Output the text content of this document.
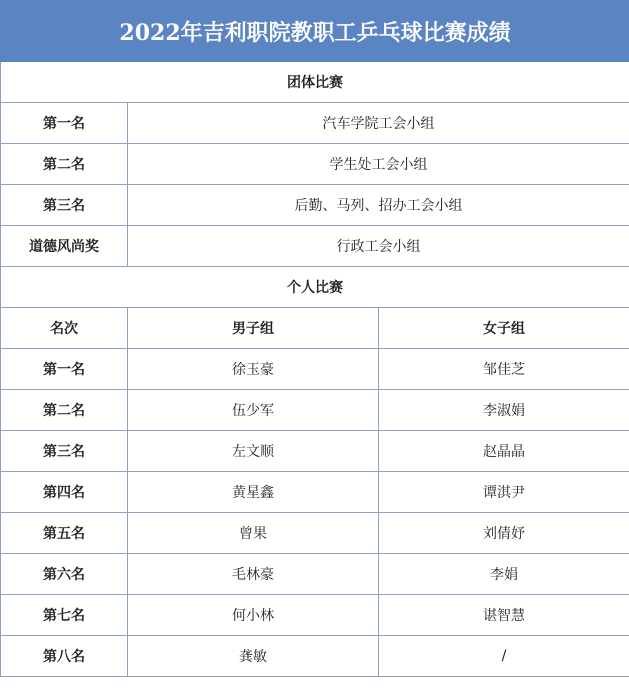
2022年吉利职院教职工乒乓球比赛成绩		
团体比赛		
第一名	汽车学院工会小组	
第二名	学生处工会小组	
第三名	后勤、马列、招办工会小组	
道德风尚奖	行政工会小组	
个人比赛		
名次	男子组	女子组
第一名	徐玉豪	邹佳芝
第二名	伍少军	李淑娟
第三名	左文顺	赵晶晶
第四名	黄星鑫	谭淇尹
第五名	曾果	刘倩妤
第六名	毛林豪	李娟
第七名	何小林	谌智慧
第八名	龚敏	/
